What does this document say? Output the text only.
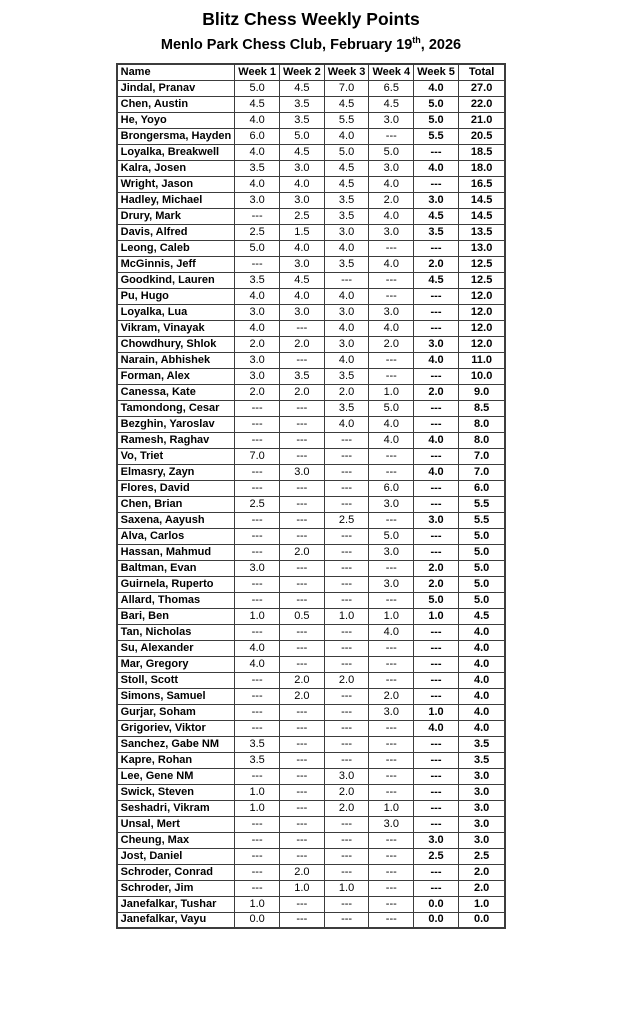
Blitz Chess Weekly Points
Menlo Park Chess Club, February 19th, 2026
Name	Week 1	Week 2	Week 3	Week 4	Week 5	Total
Jindal, Pranav	5.0	4.5	7.0	6.5	4.0	27.0
Chen, Austin	4.5	3.5	4.5	4.5	5.0	22.0
He, Yoyo	4.0	3.5	5.5	3.0	5.0	21.0
Brongersma, Hayden	6.0	5.0	4.0	---	5.5	20.5
Loyalka, Breakwell	4.0	4.5	5.0	5.0	---	18.5
Kalra, Josen	3.5	3.0	4.5	3.0	4.0	18.0
Wright, Jason	4.0	4.0	4.5	4.0	---	16.5
Hadley, Michael	3.0	3.0	3.5	2.0	3.0	14.5
Drury, Mark	---	2.5	3.5	4.0	4.5	14.5
Davis, Alfred	2.5	1.5	3.0	3.0	3.5	13.5
Leong, Caleb	5.0	4.0	4.0	---	---	13.0
McGinnis, Jeff	---	3.0	3.5	4.0	2.0	12.5
Goodkind, Lauren	3.5	4.5	---	---	4.5	12.5
Pu, Hugo	4.0	4.0	4.0	---	---	12.0
Loyalka, Lua	3.0	3.0	3.0	3.0	---	12.0
Vikram, Vinayak	4.0	---	4.0	4.0	---	12.0
Chowdhury, Shlok	2.0	2.0	3.0	2.0	3.0	12.0
Narain, Abhishek	3.0	---	4.0	---	4.0	11.0
Forman, Alex	3.0	3.5	3.5	---	---	10.0
Canessa, Kate	2.0	2.0	2.0	1.0	2.0	9.0
Tamondong, Cesar	---	---	3.5	5.0	---	8.5
Bezghin, Yaroslav	---	---	4.0	4.0	---	8.0
Ramesh, Raghav	---	---	---	4.0	4.0	8.0
Vo, Triet	7.0	---	---	---	---	7.0
Elmasry, Zayn	---	3.0	---	---	4.0	7.0
Flores, David	---	---	---	6.0	---	6.0
Chen, Brian	2.5	---	---	3.0	---	5.5
Saxena, Aayush	---	---	2.5	---	3.0	5.5
Alva, Carlos	---	---	---	5.0	---	5.0
Hassan, Mahmud	---	2.0	---	3.0	---	5.0
Baltman, Evan	3.0	---	---	---	2.0	5.0
Guirnela, Ruperto	---	---	---	3.0	2.0	5.0
Allard, Thomas	---	---	---	---	5.0	5.0
Bari, Ben	1.0	0.5	1.0	1.0	1.0	4.5
Tan, Nicholas	---	---	---	4.0	---	4.0
Su, Alexander	4.0	---	---	---	---	4.0
Mar, Gregory	4.0	---	---	---	---	4.0
Stoll, Scott	---	2.0	2.0	---	---	4.0
Simons, Samuel	---	2.0	---	2.0	---	4.0
Gurjar, Soham	---	---	---	3.0	1.0	4.0
Grigoriev, Viktor	---	---	---	---	4.0	4.0
Sanchez, Gabe NM	3.5	---	---	---	---	3.5
Kapre, Rohan	3.5	---	---	---	---	3.5
Lee, Gene NM	---	---	3.0	---	---	3.0
Swick, Steven	1.0	---	2.0	---	---	3.0
Seshadri, Vikram	1.0	---	2.0	1.0	---	3.0
Unsal, Mert	---	---	---	3.0	---	3.0
Cheung, Max	---	---	---	---	3.0	3.0
Jost, Daniel	---	---	---	---	2.5	2.5
Schroder, Conrad	---	2.0	---	---	---	2.0
Schroder, Jim	---	1.0	1.0	---	---	2.0
Janefalkar, Tushar	1.0	---	---	---	0.0	1.0
Janefalkar, Vayu	0.0	---	---	---	0.0	0.0
